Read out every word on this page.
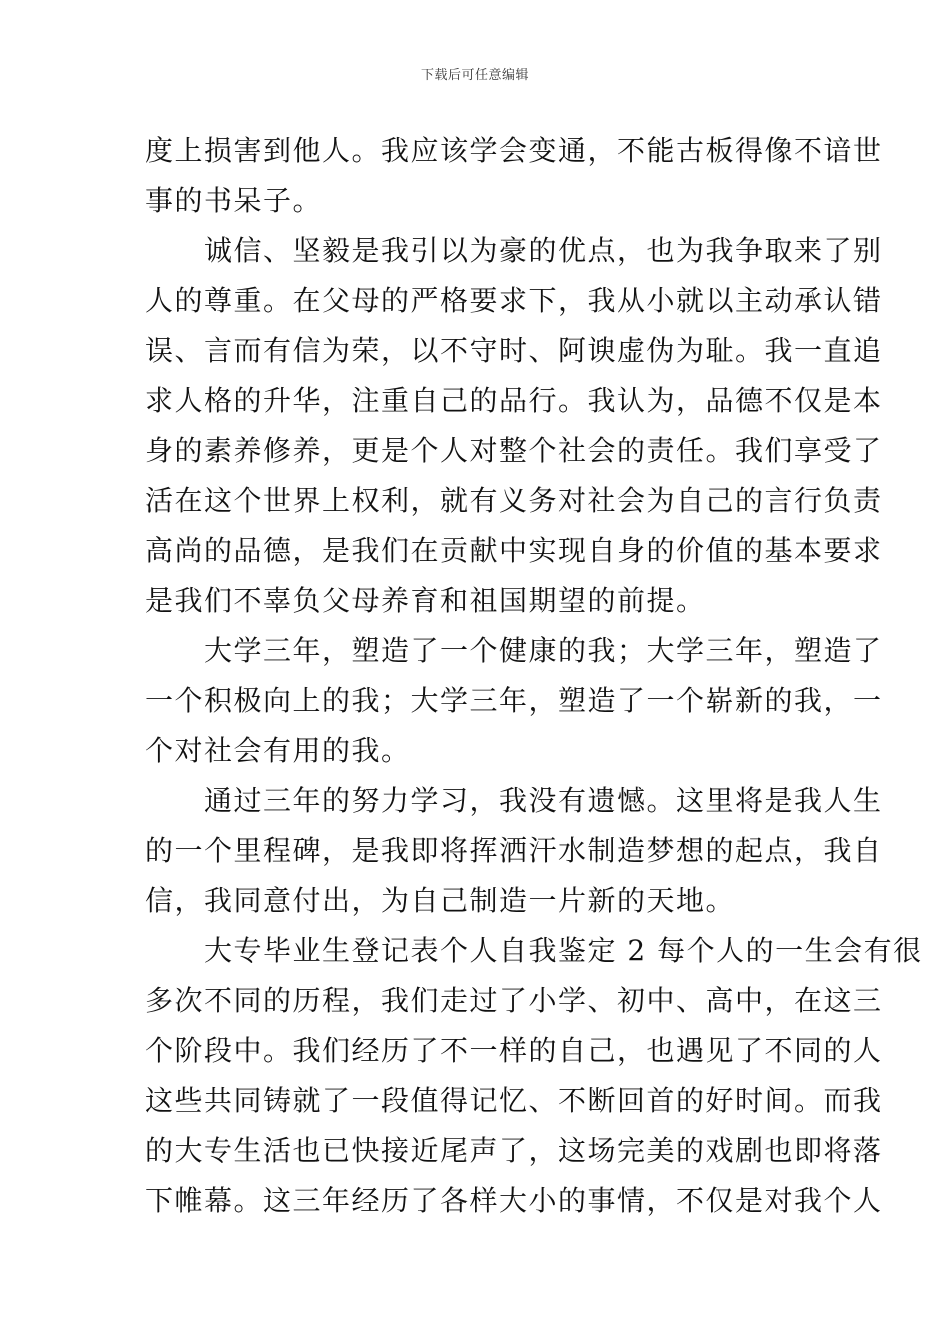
下载后可任意编辑
度上损害到他人。我应该学会变通，不能古板得像不谙世
事的书呆子。
　　诚信、坚毅是我引以为豪的优点，也为我争取来了别
人的尊重。在父母的严格要求下，我从小就以主动承认错
误、言而有信为荣，以不守时、阿谀虚伪为耻。我一直追
求人格的升华，注重自己的品行。我认为，品德不仅是本
身的素养修养，更是个人对整个社会的责任。我们享受了
活在这个世界上权利，就有义务对社会为自己的言行负责
高尚的品德，是我们在贡献中实现自身的价值的基本要求
是我们不辜负父母养育和祖国期望的前提。
　　大学三年，塑造了一个健康的我；大学三年，塑造了
一个积极向上的我；大学三年，塑造了一个崭新的我，一
个对社会有用的我。
　　通过三年的努力学习，我没有遗憾。这里将是我人生
的一个里程碑，是我即将挥洒汗水制造梦想的起点，我自
信，我同意付出，为自己制造一片新的天地。
　　大专毕业生登记表个人自我鉴定 2 每个人的一生会有很
多次不同的历程，我们走过了小学、初中、高中，在这三
个阶段中。我们经历了不一样的自己，也遇见了不同的人
这些共同铸就了一段值得记忆、不断回首的好时间。而我
的大专生活也已快接近尾声了，这场完美的戏剧也即将落
下帷幕。这三年经历了各样大小的事情，不仅是对我个人
